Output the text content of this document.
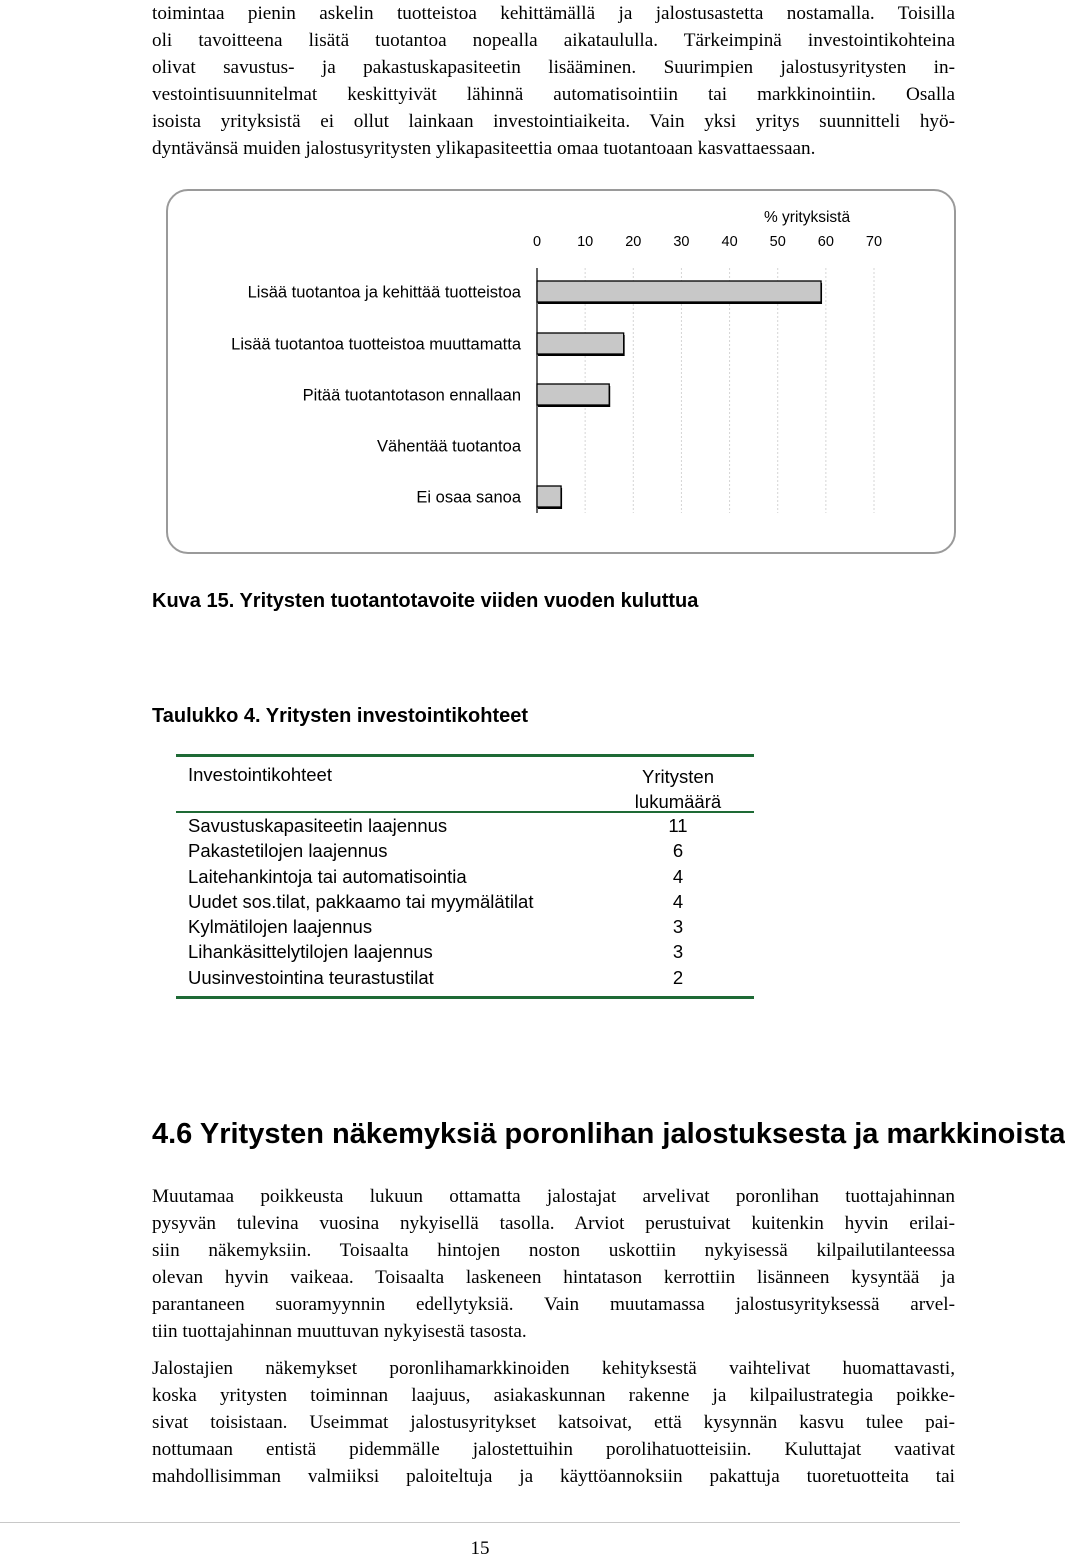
toimintaa pienin askelin tuotteistoa kehittämällä ja jalostusastetta nostamalla. Toisilla
oli tavoitteena lisätä tuotantoa nopealla aikataululla. Tärkeimpinä investointikohteina
olivat savustus- ja pakastuskapasiteetin lisääminen. Suurimpien jalostusyritysten in-
vestointisuunnitelmat keskittyivät lähinnä automatisointiin tai markkinointiin. Osalla
isoista yrityksistä ei ollut lainkaan investointiaikeita. Vain yksi yritys suunnitteli hyö-
dyntävänsä muiden jalostusyritysten ylikapasiteettia omaa tuotantoaan kasvattaessaan.
0 10 20 30 40 50 60 70
% yrityksistä
Lisää tuotantoa ja kehittää tuotteistoa
Lisää tuotantoa tuotteistoa muuttamatta
Pitää tuotantotason ennallaan
Vähentää tuotantoa
Ei osaa sanoa

Kuva 15. Yritysten tuotantotavoite viiden vuoden kuluttua

Taulukko 4. Yritysten investointikohteet

Investointikohteet	Yritysten
lukumäärä
Savustuskapasiteetin laajennus	11
Pakastetilojen laajennus	6
Laitehankintoja tai automatisointia	4
Uudet sos.tilat, pakkaamo tai myymälätilat	4
Kylmätilojen laajennus	3
Lihankäsittelytilojen laajennus	3
Uusinvestointina teurastustilat	2
4.6 Yritysten näkemyksiä poronlihan jalostuksesta ja markkinoista
Muutamaa poikkeusta lukuun ottamatta jalostajat arvelivat poronlihan tuottajahinnan
pysyvän tulevina vuosina nykyisellä tasolla. Arviot perustuivat kuitenkin hyvin erilai-
siin näkemyksiin. Toisaalta hintojen noston uskottiin nykyisessä kilpailutilanteessa
olevan hyvin vaikeaa. Toisaalta laskeneen hintatason kerrottiin lisänneen kysyntää ja
parantaneen suoramyynnin edellytyksiä. Vain muutamassa jalostusyrityksessä arvel-
tiin tuottajahinnan muuttuvan nykyisestä tasosta.
Jalostajien näkemykset poronlihamarkkinoiden kehityksestä vaihtelivat huomattavasti,
koska yritysten toiminnan laajuus, asiakaskunnan rakenne ja kilpailustrategia poikke-
sivat toisistaan. Useimmat jalostusyritykset katsoivat, että kysynnän kasvu tulee pai-
nottumaan entistä pidemmälle jalostettuihin porolihatuotteisiin. Kuluttajat vaativat
mahdollisimman valmiiksi paloiteltuja ja käyttöannoksiin pakattuja tuoretuotteita tai
15
